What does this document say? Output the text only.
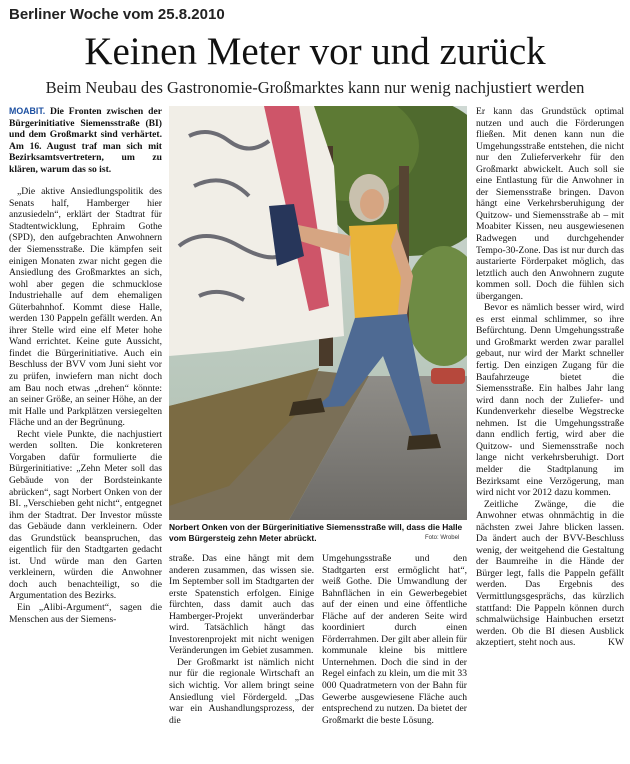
Berliner Woche vom 25.8.2010
Keinen Meter vor und zurück
Beim Neubau des Gastronomie-Großmarktes kann nur wenig nachjustiert werden

MOABIT. Die Fronten zwischen der Bürgerinitiative Siemensstraße (BI) und dem Großmarkt sind verhärtet. Am 16. August traf man sich mit Bezirksamtsvertretern, um zu klären, warum das so ist.

„Die aktive Ansiedlungspolitik des Senats half, Hamberger hier anzusiedeln“, erklärt der Stadtrat für Stadtentwicklung, Ephraim Gothe (SPD), den aufgebrachten Anwohnern der Siemensstraße. Die kämpfen seit einigen Monaten zwar nicht gegen die Ansiedlung des Großmarktes an sich, wohl aber gegen die schmucklose Industriehalle auf dem ehemaligen Güterbahnhof. Kommt diese Halle, werden 130 Pappeln gefällt werden. An ihrer Stelle wird eine elf Meter hohe Wand errichtet. Keine gute Aussicht, findet die Bürgerinitiative. Auch ein Beschluss der BVV vom Juni sieht vor zu prüfen, inwiefern man nicht doch am Bau noch etwas „drehen“ könnte: an seiner Größe, an seiner Höhe, an der mit Halle und Parkplätzen versiegelten Fläche und an der Begrünung.

Recht viele Punkte, die nachjustiert werden sollten. Die konkreteren Vorgaben dafür formulierte die Bürgerinitiative: „Zehn Meter soll das Gebäude von der Bordsteinkante abrücken“, sagt Norbert Onken von der BI. „Verschieben geht nicht“, entgegnet ihm der Stadtrat. Der Investor müsste das Gebäude dann verkleinern. Oder das Grundstück beanspruchen, das eigentlich für den Stadtgarten gedacht ist. Und würde man den Garten verkleinern, würden die Anwohner doch auch benachteiligt, so die Argumentation des Bezirks.

Ein „Alibi-Argument“, sagen die Menschen aus der Siemens-

Norbert Onken von der Bürgerinitiative Siemensstraße will, dass die Halle vom Bürgersteig zehn Meter abrückt.	Foto: Wrobel

straße. Das eine hängt mit dem anderen zusammen, das wissen sie. Im September soll im Stadtgarten der erste Spatenstich erfolgen. Einige fürchten, dass damit auch das Hamberger-Projekt unveränderbar wird. Tatsächlich hängt das Investorenprojekt mit nicht wenigen Veränderungen im Gebiet zusammen.

Der Großmarkt ist nämlich nicht nur für die regionale Wirtschaft an sich wichtig. Vor allem bringt seine Ansiedlung viel Fördergeld. „Das war ein Aushandlungsprozess, der die

Umgehungsstraße und den Stadtgarten erst ermöglicht hat“, weiß Gothe. Die Umwandlung der Bahnflächen in ein Gewerbegebiet auf der einen und eine öffentliche Fläche auf der anderen Seite wird koordiniert durch einen Förderrahmen. Der gilt aber allein für kommunale kleine bis mittlere Unternehmen. Doch die sind in der Regel einfach zu klein, um die mit 33 000 Quadratmetern von der Bahn für Gewerbe ausgewiesene Fläche auch entsprechend zu nutzen. Da bietet der Großmarkt die beste Lösung.

Er kann das Grundstück optimal nutzen und auch die Förderungen fließen. Mit denen kann nun die Umgehungsstraße entstehen, die nicht nur den Zulieferverkehr für den Großmarkt abwickelt. Auch soll sie eine Entlastung für die Anwohner in der Siemensstraße bringen. Davon hängt eine Verkehrsberuhigung der Quitzow- und Siemensstraße ab – mit Moabiter Kissen, neu ausgewiesenen Radwegen und durchgehender Tempo-30-Zone. Das ist nur durch das austarierte Förderpaket möglich, das letztlich auch den Anwohnern zugute kommen soll. Doch die fühlen sich übergangen.

Bevor es nämlich besser wird, wird es erst einmal schlimmer, so ihre Befürchtung. Denn Umgehungsstraße und Großmarkt werden zwar parallel gebaut, nur wird der Markt schneller fertig. Den einzigen Zugang für die Baufahrzeuge bietet die Siemensstraße. Ein halbes Jahr lang wird dann noch der Zuliefer- und Kundenverkehr dieselbe Wegstrecke nehmen. Ist die Umgehungsstraße dann endlich fertig, wird aber die Quitzow- und Siemensstraße noch lange nicht verkehrsberuhigt. Dort melder die Stadtplanung im Bezirksamt eine Verzögerung, man wird nicht vor 2012 dazu kommen.

Zeitliche Zwänge, die die Anwohner etwas ohnmächtig in die nächsten zwei Jahre blicken lassen. Da ändert auch der BVV-Beschluss wenig, der weitgehend die Gestaltung der Baumreihe in die Hände der Bürger legt, falls die Pappeln gefällt werden. Das Ergebnis des Vermittlungsgesprächs, das kürzlich stattfand: Die Pappeln können durch schmalwüchsige Hainbuchen ersetzt werden. Ob die BI diesen Ausblick akzeptiert, steht noch aus.	KW
